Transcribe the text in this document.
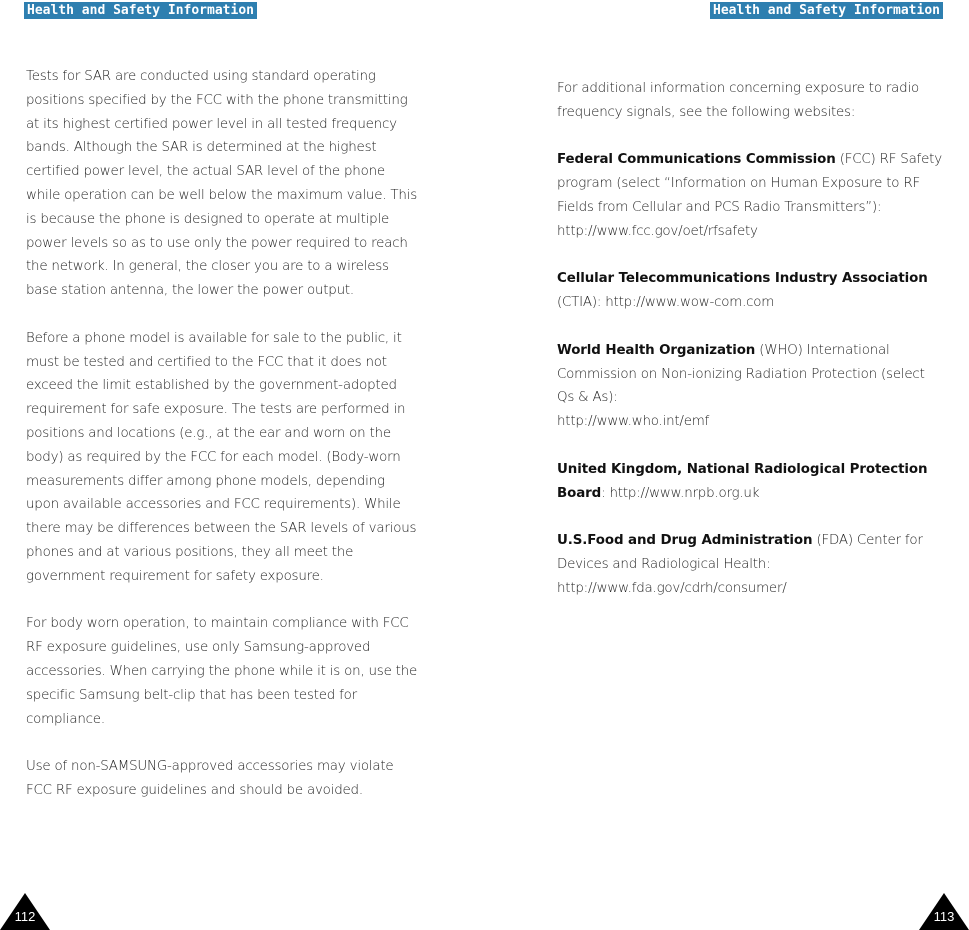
Health and Safety Information	Health and Safety Information

Tests for SAR are conducted using standard operating positions specified by the FCC with the phone transmitting at its highest certified power level in all tested frequency bands. Although the SAR is determined at the highest certified power level, the actual SAR level of the phone while operation can be well below the maximum value. This is because the phone is designed to operate at multiple power levels so as to use only the power required to reach the network. In general, the closer you are to a wireless base station antenna, the lower the power output.

Before a phone model is available for sale to the public, it must be tested and certified to the FCC that it does not exceed the limit established by the government-adopted requirement for safe exposure. The tests are performed in positions and locations (e.g., at the ear and worn on the body) as required by the FCC for each model. (Body-worn measurements differ among phone models, depending upon available accessories and FCC requirements). While there may be differences between the SAR levels of various phones and at various positions, they all meet the government requirement for safety exposure.

For body worn operation, to maintain compliance with FCC RF exposure guidelines, use only Samsung-approved accessories. When carrying the phone while it is on, use the specific Samsung belt-clip that has been tested for compliance.

Use of non-SAMSUNG-approved accessories may violate FCC RF exposure guidelines and should be avoided.

For additional information concerning exposure to radio frequency signals, see the following websites:

Federal Communications Commission (FCC) RF Safety program (select “Information on Human Exposure to RF Fields from Cellular and PCS Radio Transmitters”):
http://www.fcc.gov/oet/rfsafety

Cellular Telecommunications Industry Association (CTIA): http://www.wow-com.com

World Health Organization (WHO) International Commission on Non-ionizing Radiation Protection (select Qs & As):
http://www.who.int/emf

United Kingdom, National Radiological Protection Board: http://www.nrpb.org.uk

U.S.Food and Drug Administration (FDA) Center for Devices and Radiological Health:
http://www.fda.gov/cdrh/consumer/

112	113
